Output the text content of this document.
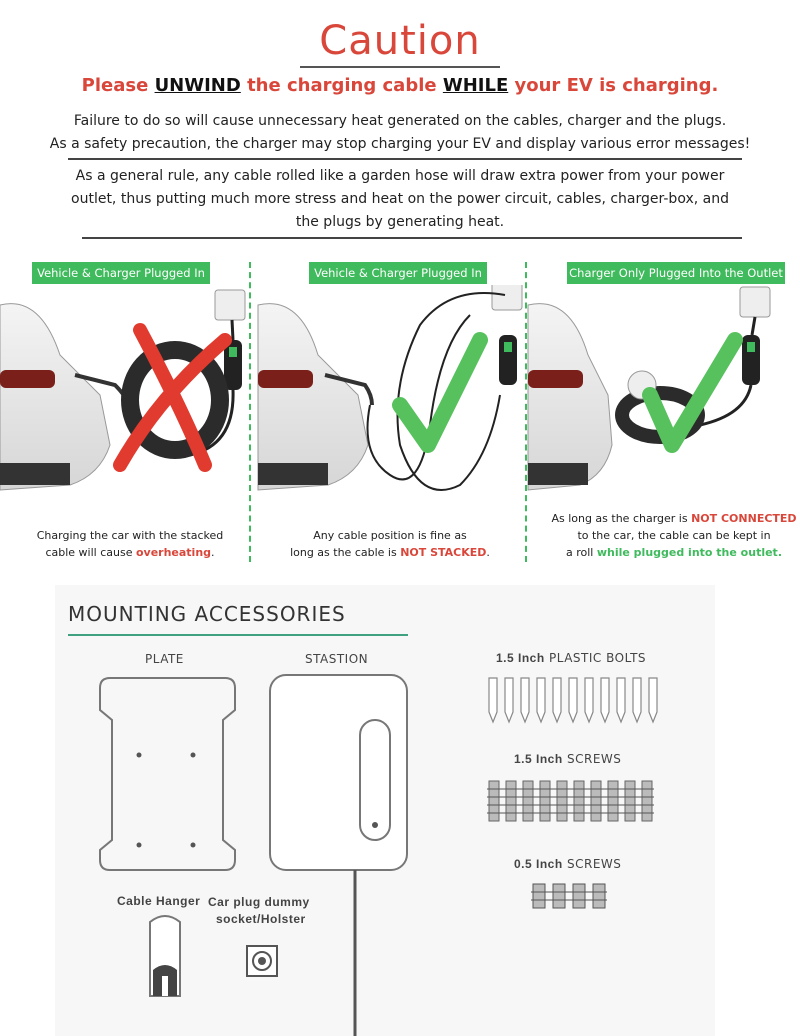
Caution
Please UNWIND the charging cable WHILE your EV is charging.
Failure to do so will cause unnecessary heat generated on the cables, charger and the plugs.
As a safety precaution, the charger may stop charging your EV and display various error messages!
As a general rule, any cable rolled like a garden hose will draw extra power from your power outlet, thus putting much more stress and heat on the power circuit, cables, charger-box, and the plugs by generating heat.
Vehicle & Charger Plugged In	Vehicle & Charger Plugged In	Charger Only Plugged Into the Outlet
Charging the car with the stacked
cable will cause overheating.
Any cable position is fine as
long as the cable is NOT STACKED.
As long as the charger is NOT CONNECTED
to the car, the cable can be kept in
a roll while plugged into the outlet.
MOUNTING ACCESSORIES
PLATE	STASTION
Cable Hanger Car plug dummy
socket/Holster
1.5 Inch PLASTIC BOLTS
1.5 Inch SCREWS
0.5 Inch SCREWS
